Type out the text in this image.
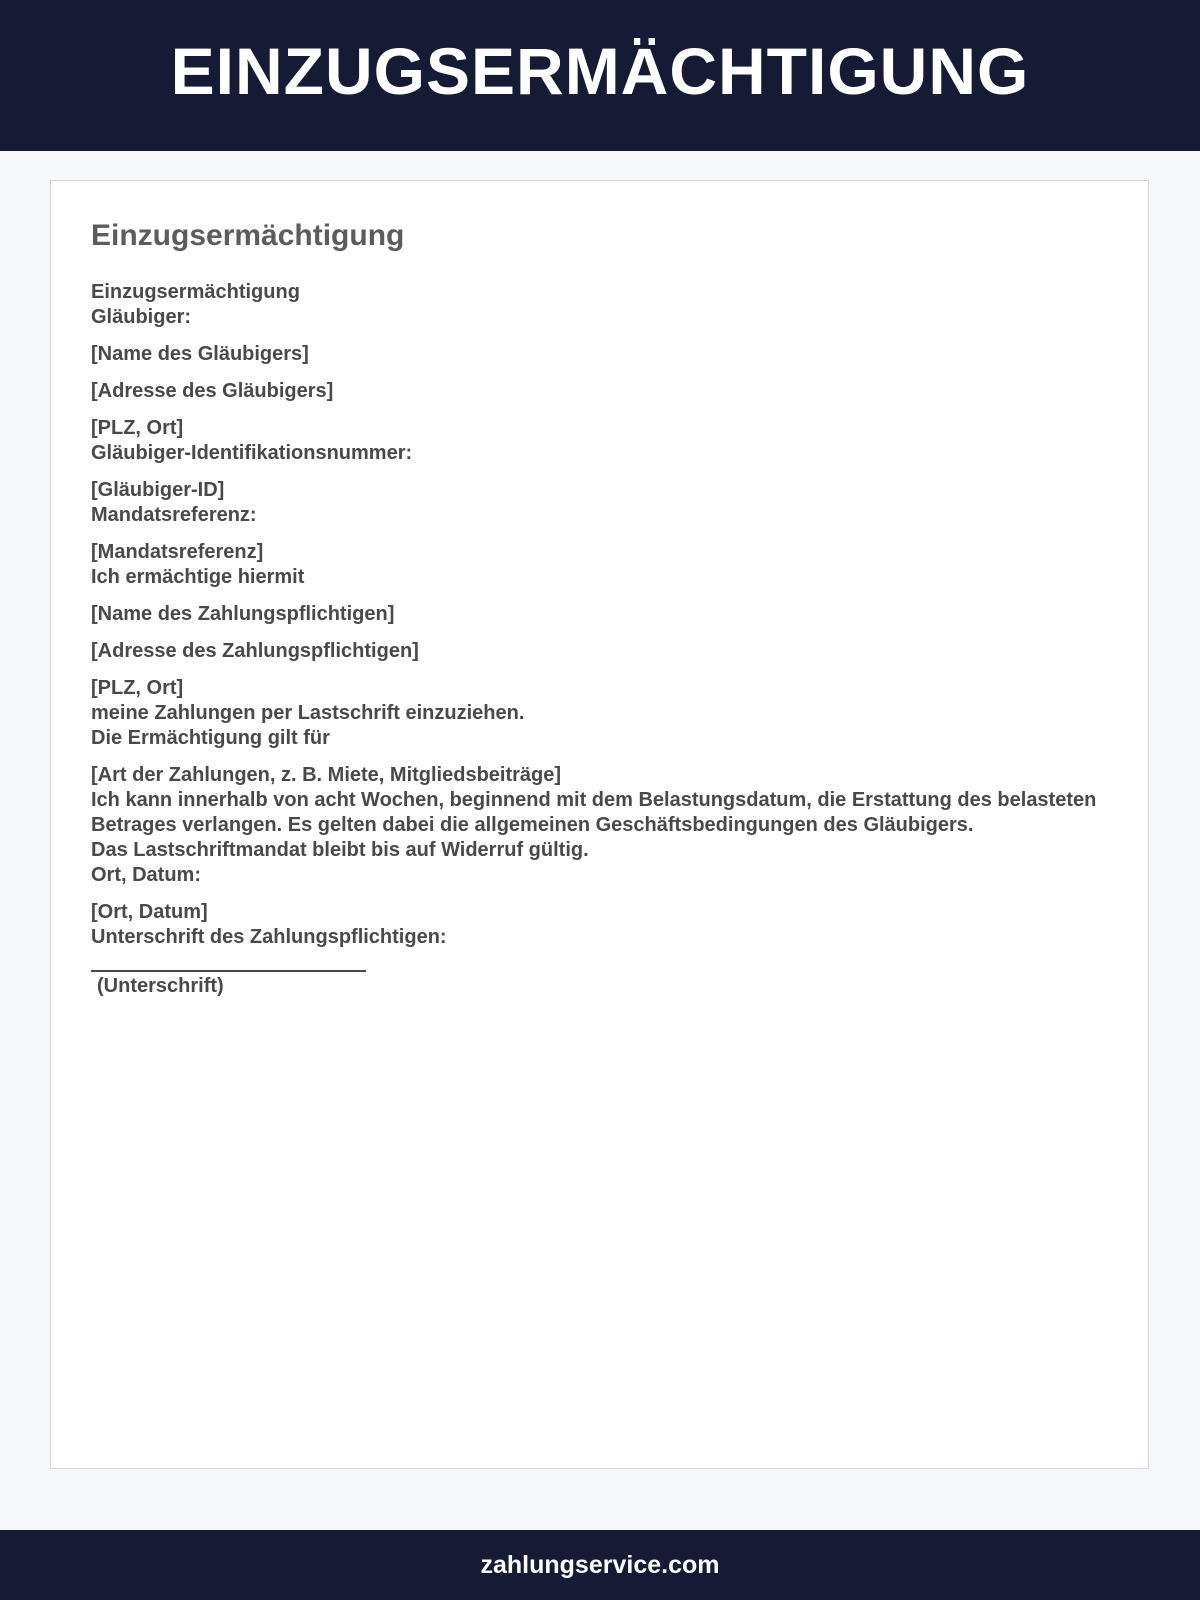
EINZUGSERMÄCHTIGUNG
Einzugsermächtigung
Einzugsermächtigung
Gläubiger:
[Name des Gläubigers]
[Adresse des Gläubigers]
[PLZ, Ort]
Gläubiger-Identifikationsnummer:
[Gläubiger-ID]
Mandatsreferenz:
[Mandatsreferenz]
Ich ermächtige hiermit
[Name des Zahlungspflichtigen]
[Adresse des Zahlungspflichtigen]
[PLZ, Ort]
meine Zahlungen per Lastschrift einzuziehen.
Die Ermächtigung gilt für
[Art der Zahlungen, z. B. Miete, Mitgliedsbeiträge]
Ich kann innerhalb von acht Wochen, beginnend mit dem Belastungsdatum, die Erstattung des belasteten Betrages verlangen. Es gelten dabei die allgemeinen Geschäftsbedingungen des Gläubigers.
Das Lastschriftmandat bleibt bis auf Widerruf gültig.
Ort, Datum:
[Ort, Datum]
Unterschrift des Zahlungspflichtigen:
(Unterschrift)
zahlungservice.com
